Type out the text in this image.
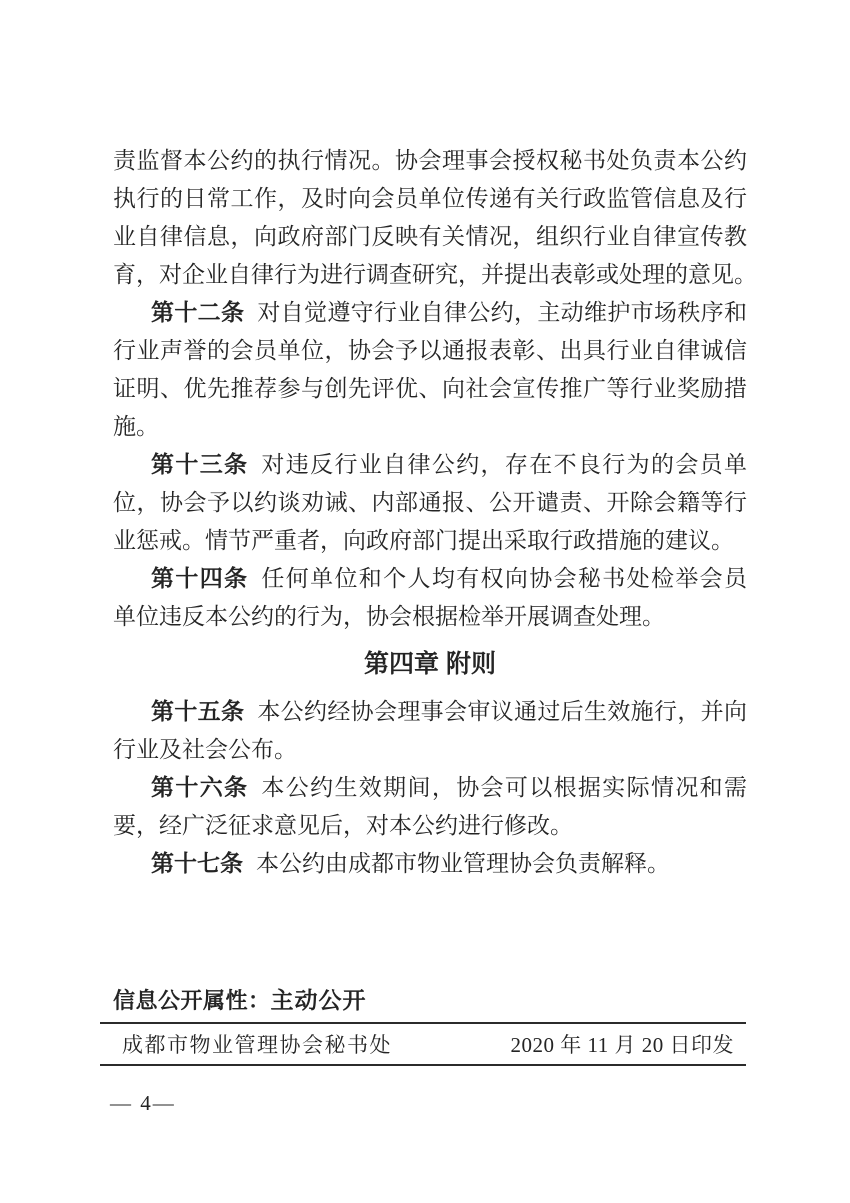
责监督本公约的执行情况。协会理事会授权秘书处负责本公约
执行的日常工作，及时向会员单位传递有关行政监管信息及行
业自律信息，向政府部门反映有关情况，组织行业自律宣传教
育，对企业自律行为进行调查研究，并提出表彰或处理的意见。
第十二条 对自觉遵守行业自律公约，主动维护市场秩序和
行业声誉的会员单位，协会予以通报表彰、出具行业自律诚信
证明、优先推荐参与创先评优、向社会宣传推广等行业奖励措
施。
第十三条 对违反行业自律公约，存在不良行为的会员单
位，协会予以约谈劝诫、内部通报、公开谴责、开除会籍等行
业惩戒。情节严重者，向政府部门提出采取行政措施的建议。
第十四条 任何单位和个人均有权向协会秘书处检举会员
单位违反本公约的行为，协会根据检举开展调查处理。
第四章 附则
第十五条 本公约经协会理事会审议通过后生效施行，并向
行业及社会公布。
第十六条 本公约生效期间，协会可以根据实际情况和需
要，经广泛征求意见后，对本公约进行修改。
第十七条 本公约由成都市物业管理协会负责解释。
信息公开属性：主动公开
成都市物业管理协会秘书处	2020 年 11 月 20 日印发
— 4—
